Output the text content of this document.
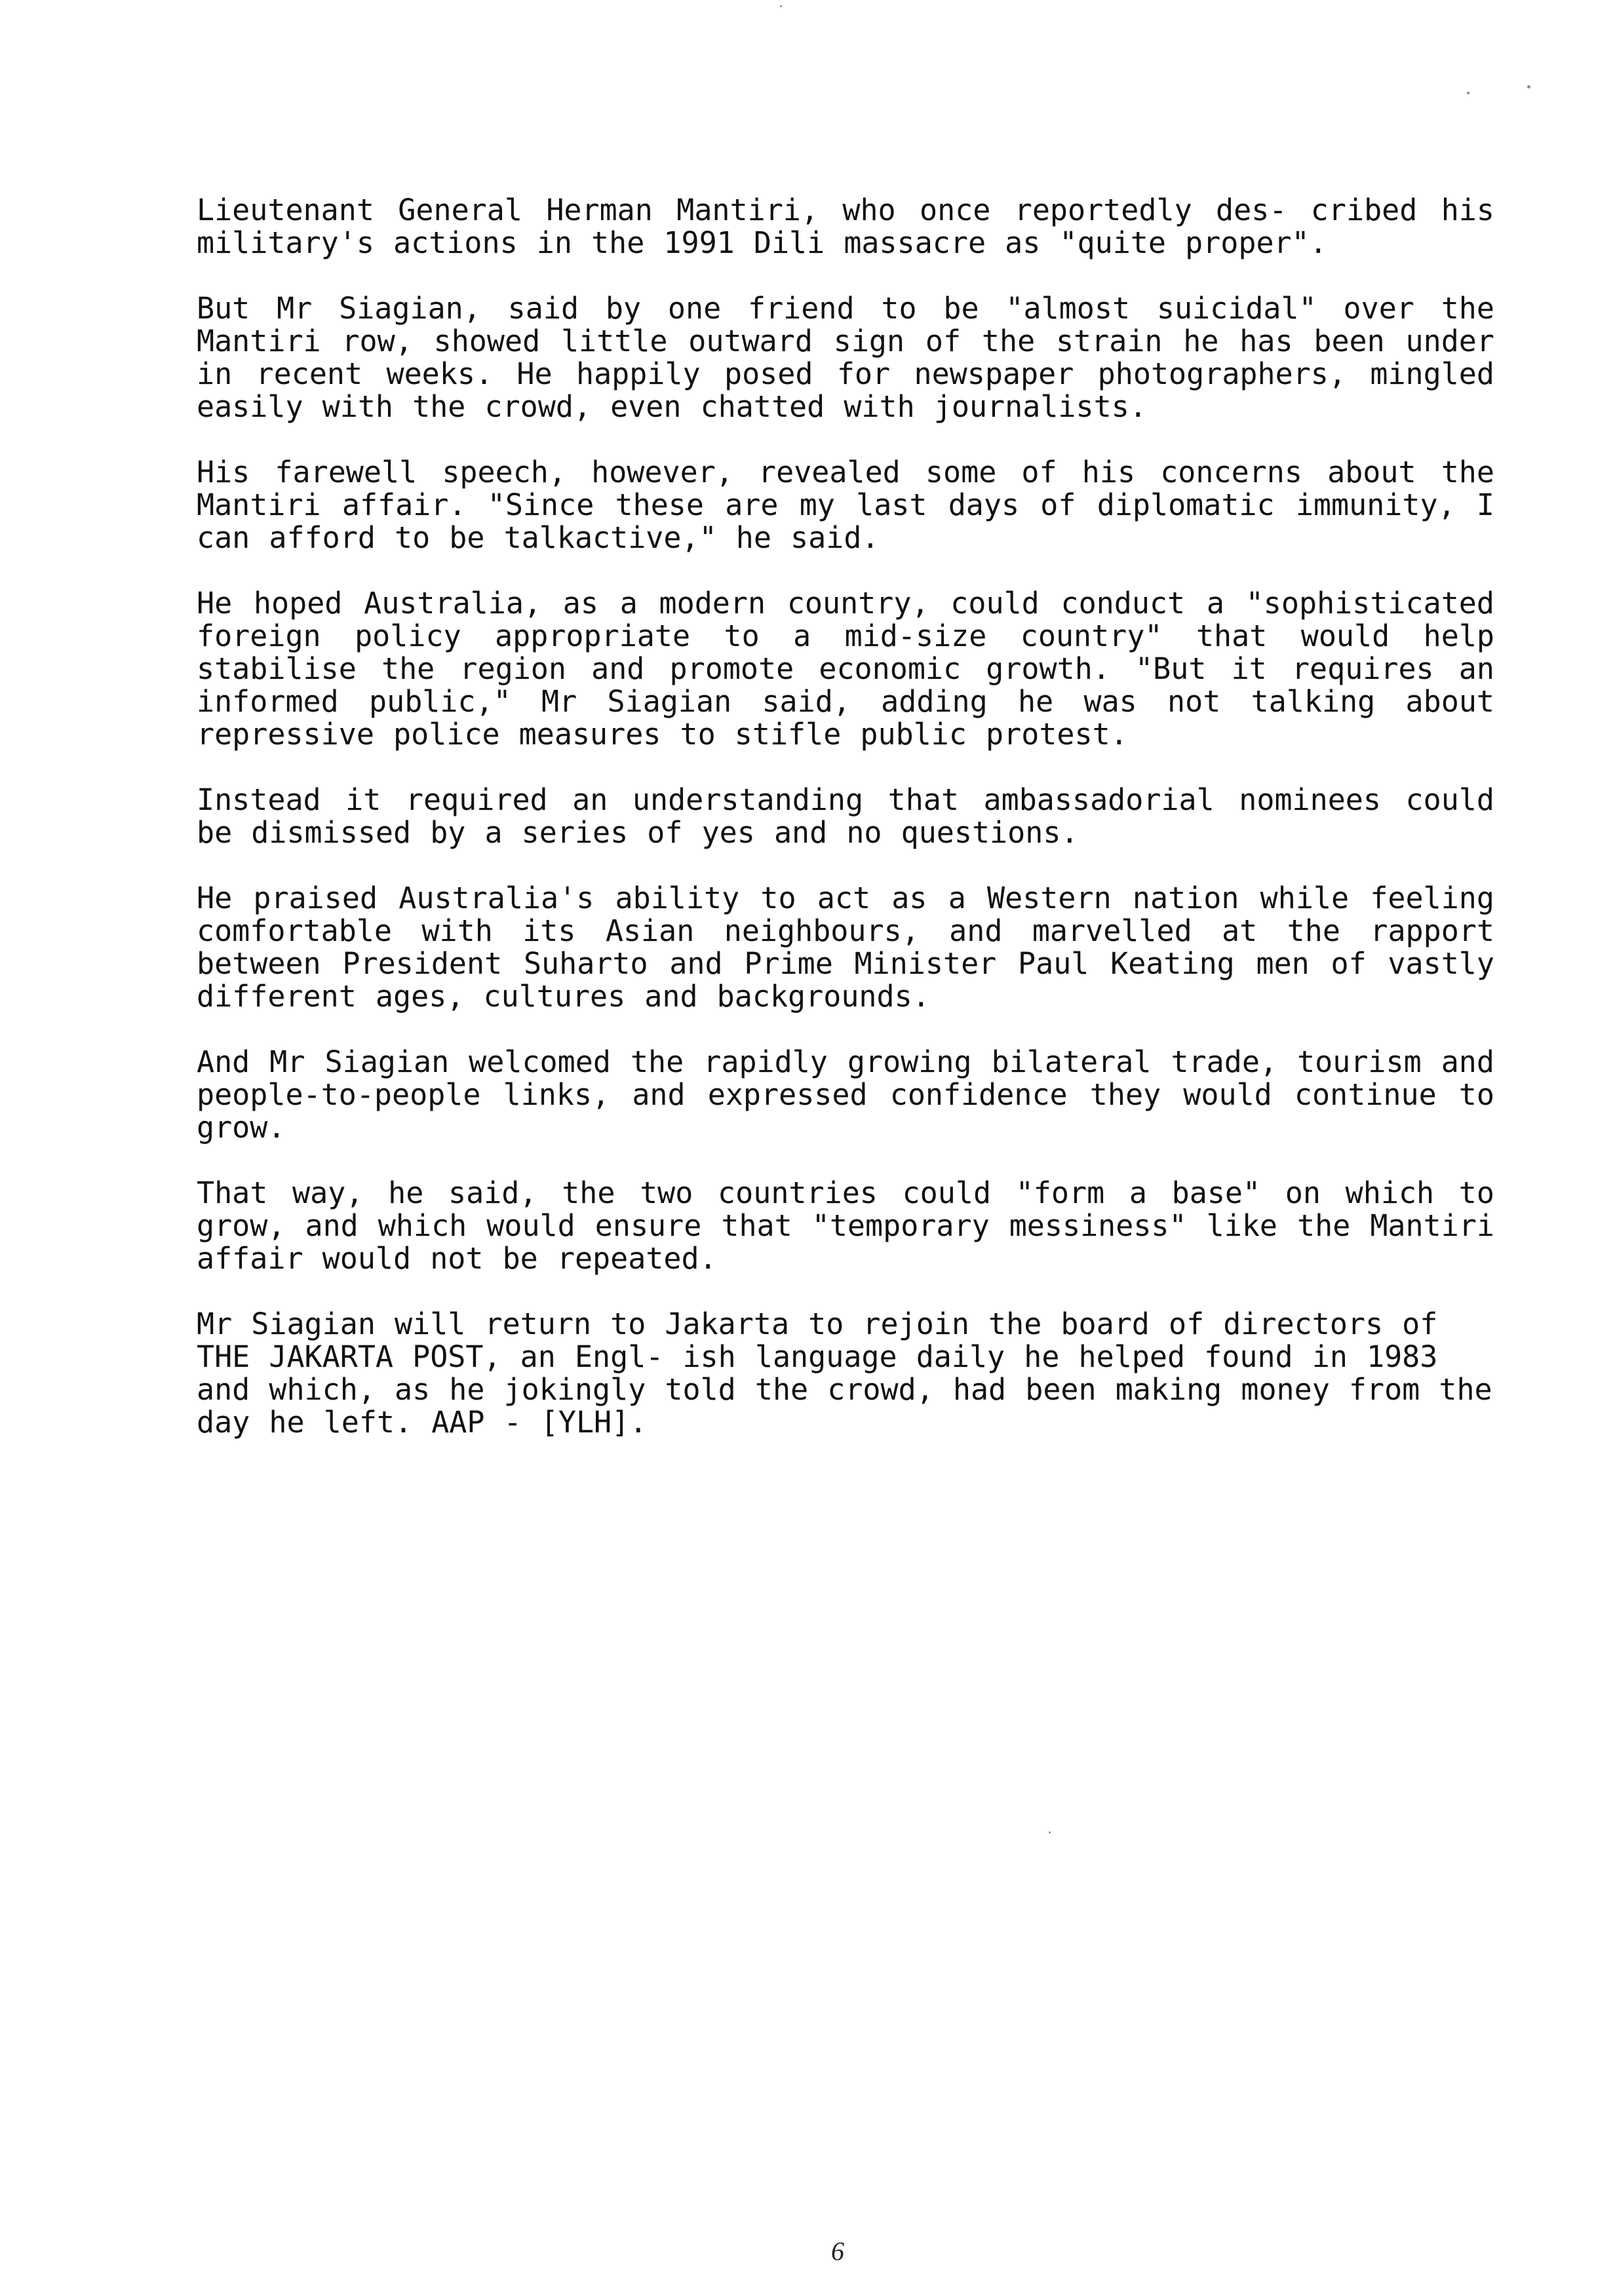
Lieutenant General Herman Mantiri, who once reportedly des- cribed his military's actions in the 1991 Dili massacre as "quite proper".

But Mr Siagian, said by one friend to be "almost suicidal" over the Mantiri row, showed little outward sign of the strain he has been under in recent weeks. He happily posed for newspaper photographers, mingled easily with the crowd, even chatted with journalists.

His farewell speech, however, revealed some of his concerns about the Mantiri affair. "Since these are my last days of diplomatic immunity, I can afford to be talkactive," he said.

He hoped Australia, as a modern country, could conduct a "sophisticated foreign policy appropriate to a mid-size country" that would help stabilise the region and promote economic growth. "But it requires an informed public," Mr Siagian said, adding he was not talking about repressive police measures to stifle public protest.

Instead it required an understanding that ambassadorial nominees could be dismissed by a series of yes and no questions.

He praised Australia's ability to act as a Western nation while feeling comfortable with its Asian neighbours, and marvelled at the rapport between President Suharto and Prime Minister Paul Keating men of vastly different ages, cultures and backgrounds.

And Mr Siagian welcomed the rapidly growing bilateral trade, tourism and people-to-people links, and expressed confidence they would continue to grow.

That way, he said, the two countries could "form a base" on which to grow, and which would ensure that "temporary messiness" like the Mantiri affair would not be repeated.

Mr Siagian will return to Jakarta to rejoin the board of directors of THE JAKARTA POST, an Engl- ish language daily he helped found in 1983 and which, as he jokingly told the crowd, had been making money from the day he left. AAP - [YLH].

6
